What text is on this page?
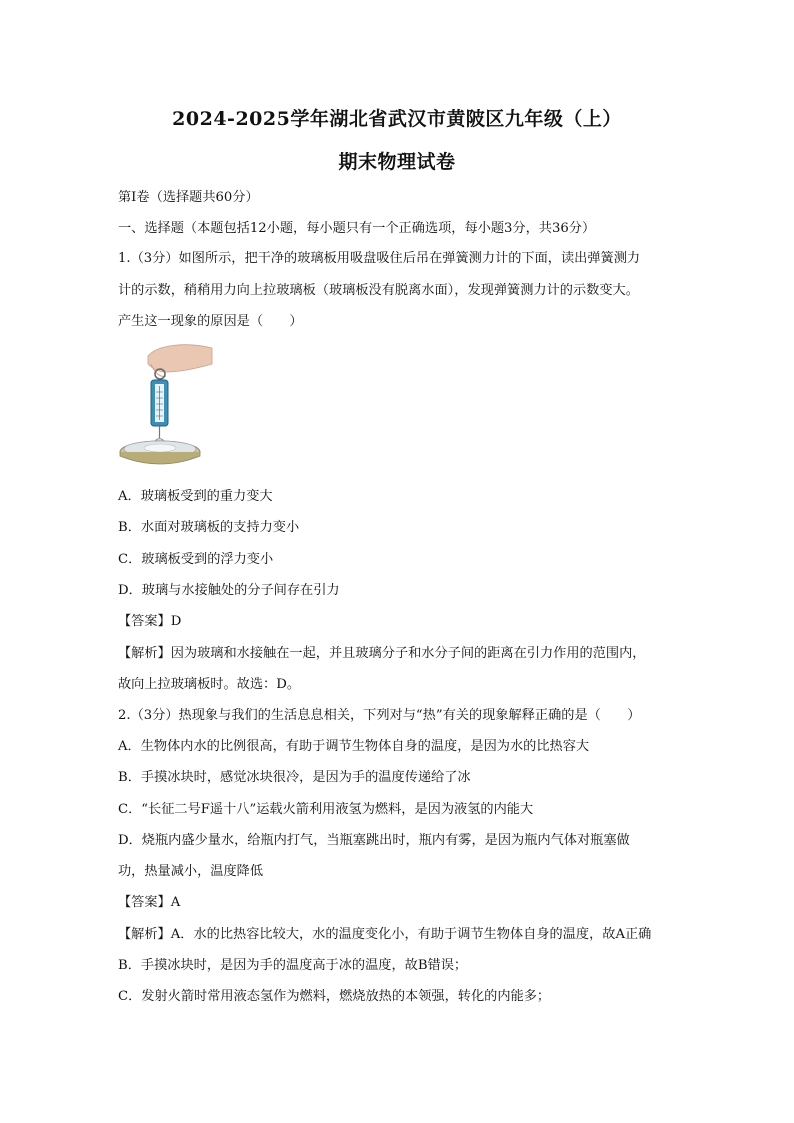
2024-2025学年湖北省武汉市黄陂区九年级（上）
期末物理试卷
第I卷（选择题共60分）
一、选择题（本题包括12小题，每小题只有一个正确选项，每小题3分，共36分）
1.（3分）如图所示，把干净的玻璃板用吸盘吸住后吊在弹簧测力计的下面，读出弹簧测力
计的示数，稍稍用力向上拉玻璃板（玻璃板没有脱离水面），发现弹簧测力计的示数变大。
产生这一现象的原因是（　　）
A．玻璃板受到的重力变大
B．水面对玻璃板的支持力变小
C．玻璃板受到的浮力变小
D．玻璃与水接触处的分子间存在引力
【答案】D
【解析】因为玻璃和水接触在一起，并且玻璃分子和水分子间的距离在引力作用的范围内，
故向上拉玻璃板时。故选：D。
2.（3分）热现象与我们的生活息息相关，下列对与“热”有关的现象解释正确的是（　　）
A．生物体内水的比例很高，有助于调节生物体自身的温度，是因为水的比热容大
B．手摸冰块时，感觉冰块很冷，是因为手的温度传递给了冰
C．“长征二号F遥十八”运载火箭利用液氢为燃料，是因为液氢的内能大
D．烧瓶内盛少量水，给瓶内打气，当瓶塞跳出时，瓶内有雾，是因为瓶内气体对瓶塞做
功，热量减小，温度降低
【答案】A
【解析】A．水的比热容比较大，水的温度变化小，有助于调节生物体自身的温度，故A正确
B．手摸冰块时，是因为手的温度高于冰的温度，故B错误；
C．发射火箭时常用液态氢作为燃料，燃烧放热的本领强，转化的内能多；
